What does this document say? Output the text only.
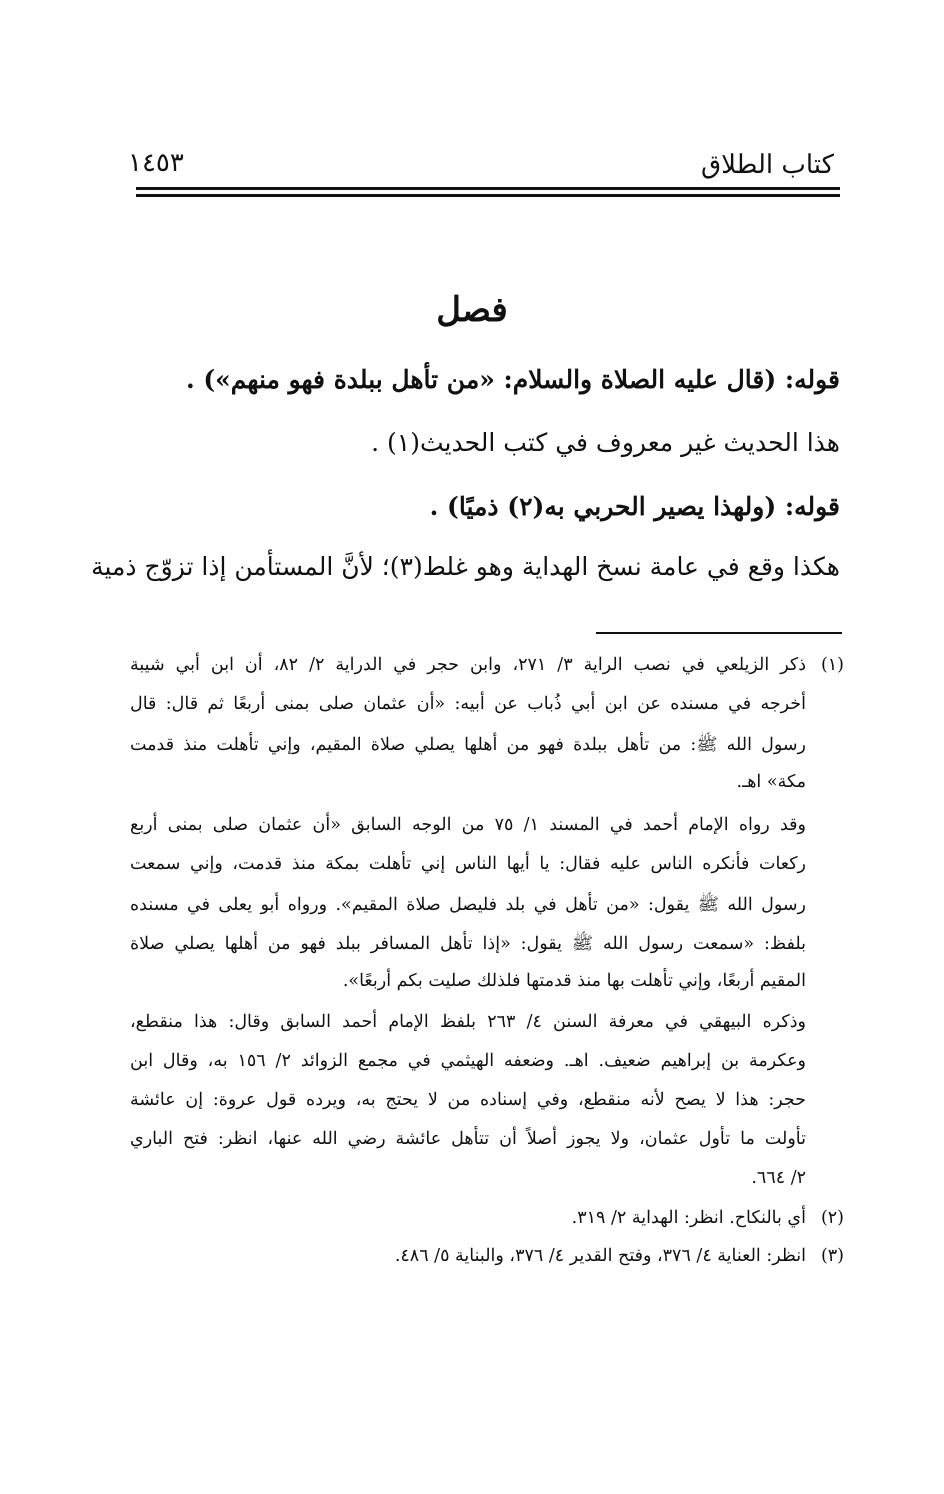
كتاب الطلاق
١٤٥٣
فصل
قوله: (قال عليه الصلاة والسلام: «من تأهل ببلدة فهو منهم») .
هذا الحديث غير معروف في كتب الحديث(١) .
قوله: (ولهذا يصير الحربي به(٢) ذميًا) .
هكذا وقع في عامة نسخ الهداية وهو غلط(٣)؛ لأنَّ المستأمن إذا تزوّج ذمية
(١)
ذكر الزيلعي في نصب الراية ٣/ ٢٧١، وابن حجر في الدراية ٢/ ٨٢، أن ابن أبي شيبة
أخرجه في مسنده عن ابن أبي ذُباب عن أبيه: «أن عثمان صلى بمنى أربعًا ثم قال: قال
رسول الله ﷺ: من تأهل ببلدة فهو من أهلها يصلي صلاة المقيم، وإني تأهلت منذ قدمت
مكة» اهـ.
وقد رواه الإمام أحمد في المسند ١/ ٧٥ من الوجه السابق «أن عثمان صلى بمنى أربع
ركعات فأنكره الناس عليه فقال: يا أيها الناس إني تأهلت بمكة منذ قدمت، وإني سمعت
رسول الله ﷺ يقول: «من تأهل في بلد فليصل صلاة المقيم». ورواه أبو يعلى في مسنده
بلفظ: «سمعت رسول الله ﷺ يقول: «إذا تأهل المسافر ببلد فهو من أهلها يصلي صلاة
المقيم أربعًا، وإني تأهلت بها منذ قدمتها فلذلك صليت بكم أربعًا».
وذكره البيهقي في معرفة السنن ٤/ ٢٦٣ بلفظ الإمام أحمد السابق وقال: هذا منقطع،
وعكرمة بن إبراهيم ضعيف. اهـ. وضعفه الهيثمي في مجمع الزوائد ٢/ ١٥٦ به، وقال ابن
حجر: هذا لا يصح لأنه منقطع، وفي إسناده من لا يحتج به، ويرده قول عروة: إن عائشة
تأولت ما تأول عثمان، ولا يجوز أصلاً أن تتأهل عائشة رضي الله عنها، انظر: فتح الباري
٢/ ٦٦٤.
(٢)
أي بالنكاح. انظر: الهداية ٢/ ٣١٩.
(٣)
انظر: العناية ٤/ ٣٧٦، وفتح القدير ٤/ ٣٧٦، والبناية ٥/ ٤٨٦.
